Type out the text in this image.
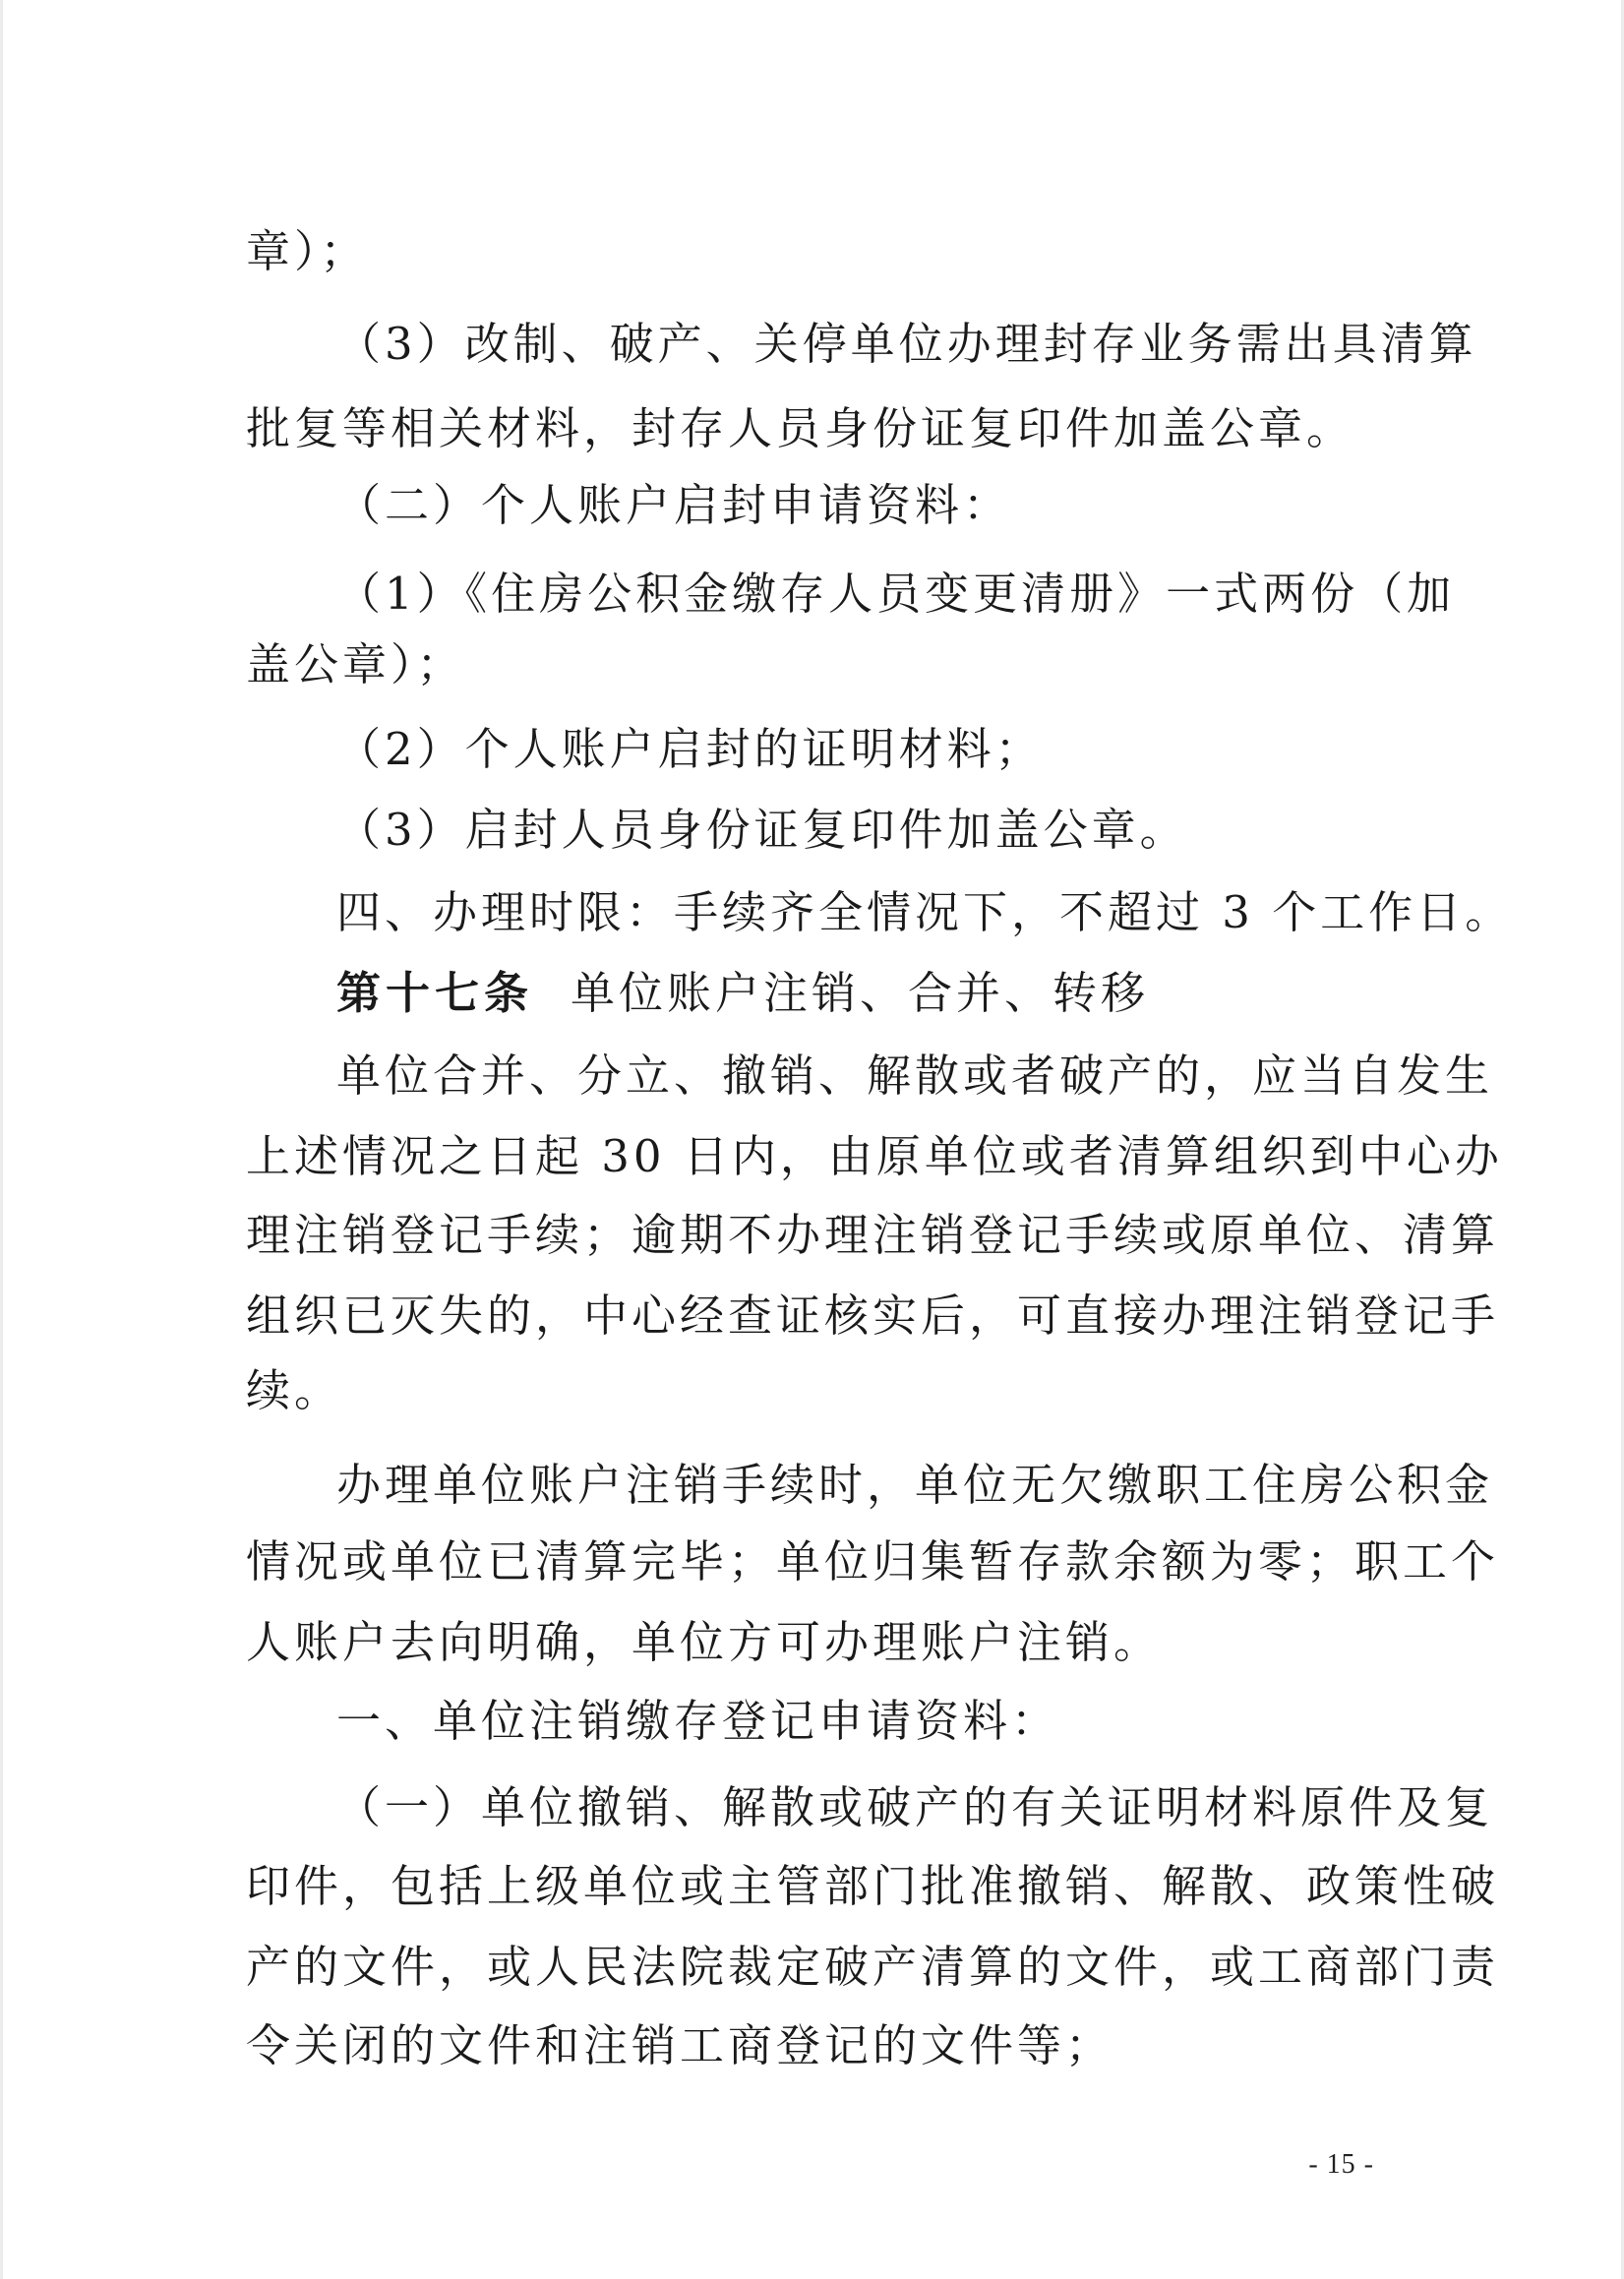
章）；
（3）改制、破产、关停单位办理封存业务需出具清算
批复等相关材料，封存人员身份证复印件加盖公章。
（二）个人账户启封申请资料：
（1）《住房公积金缴存人员变更清册》一式两份（加
盖公章）；
（2）个人账户启封的证明材料；
（3）启封人员身份证复印件加盖公章。
四、办理时限：手续齐全情况下，不超过 3 个工作日。
第十七条 单位账户注销、合并、转移
单位合并、分立、撤销、解散或者破产的，应当自发生
上述情况之日起 30 日内，由原单位或者清算组织到中心办
理注销登记手续；逾期不办理注销登记手续或原单位、清算
组织已灭失的，中心经查证核实后，可直接办理注销登记手
续。
办理单位账户注销手续时，单位无欠缴职工住房公积金
情况或单位已清算完毕；单位归集暂存款余额为零；职工个
人账户去向明确，单位方可办理账户注销。
一、单位注销缴存登记申请资料：
（一）单位撤销、解散或破产的有关证明材料原件及复
印件，包括上级单位或主管部门批准撤销、解散、政策性破
产的文件，或人民法院裁定破产清算的文件，或工商部门责
令关闭的文件和注销工商登记的文件等；
- 15 -
